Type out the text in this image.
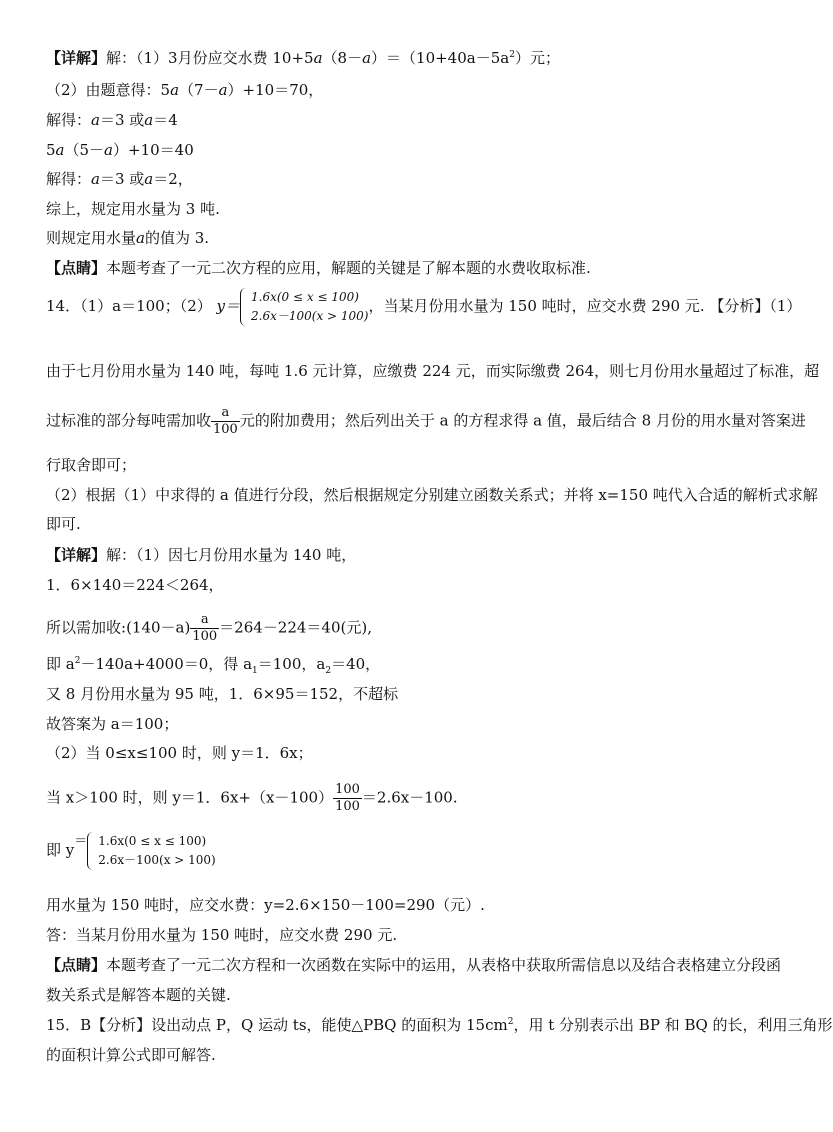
【详解】解：（1）3月份应交水费 $10+5a(8-a)=(10+40a-5a^2)$元；
（2）由题意得：5a（7－a）+10＝70，
解得：a＝3 或a＝4
5a（5－a）+10＝40
解得：a＝3 或a＝2，
综上，规定用水量为 3 吨.
则规定用水量a的值为 3.
【点睛】本题考查了一元二次方程的应用，解题的关键是了解本题的水费收取标准.
14．（1）a＝100；（2） y＝ 1.6x(0 ≤ x ≤ 100)
2.6x－100(x > 100)
，当某月份用水量为 150 吨时，应交水费 290 元. 【分析】（1）
由于七月份用水量为 140 吨，每吨 1.6 元计算，应缴费 224 元，而实际缴费 264，则七月份用水量超过了标准，超
过标准的部分每吨需加收 $\frac{a}{100}$ 元的附加费用；然后列出关于 a 的方程求得 a 值，最后结合 8 月份的用水量对答案进
行取舍即可；
（2）根据（1）中求得的 a 值进行分段，然后根据规定分别建立函数关系式；并将 x=150 吨代入合适的解析式求解
即可.
【详解】解：（1）因七月份用水量为 140 吨，
1．6×140＝224＜264，
所以需加收:(140－a) $\frac{a}{100} =264-224=40$(元),
即 $a^2-140a+4000=0$，得 $a_1=100$，$a_2=40$，
又 8 月份用水量为 95 吨，1．6×95＝152，不超标
故答案为 a＝100；
（2）当 0≤x≤100 时，则 y＝1．6x；
当 x＞100 时，则 y＝1．$6x+(x-100) \frac{100}{100} =2.6x-100$.
即 y＝ 1.6x(0 ≤ x ≤ 100)
2.6x－100(x > 100)
用水量为 150 吨时，应交水费：y=2.6×150－100=290（元）.
答：当某月份用水量为 150 吨时，应交水费 290 元.
【点睛】本题考查了一元二次方程和一次函数在实际中的运用，从表格中获取所需信息以及结合表格建立分段函
数关系式是解答本题的关键.
15．B【分析】设出动点 P，Q 运动 ts，能使△PBQ 的面积为 $15cm^2$，用 t 分别表示出 BP 和 BQ 的长，利用三角形
的面积计算公式即可解答.
